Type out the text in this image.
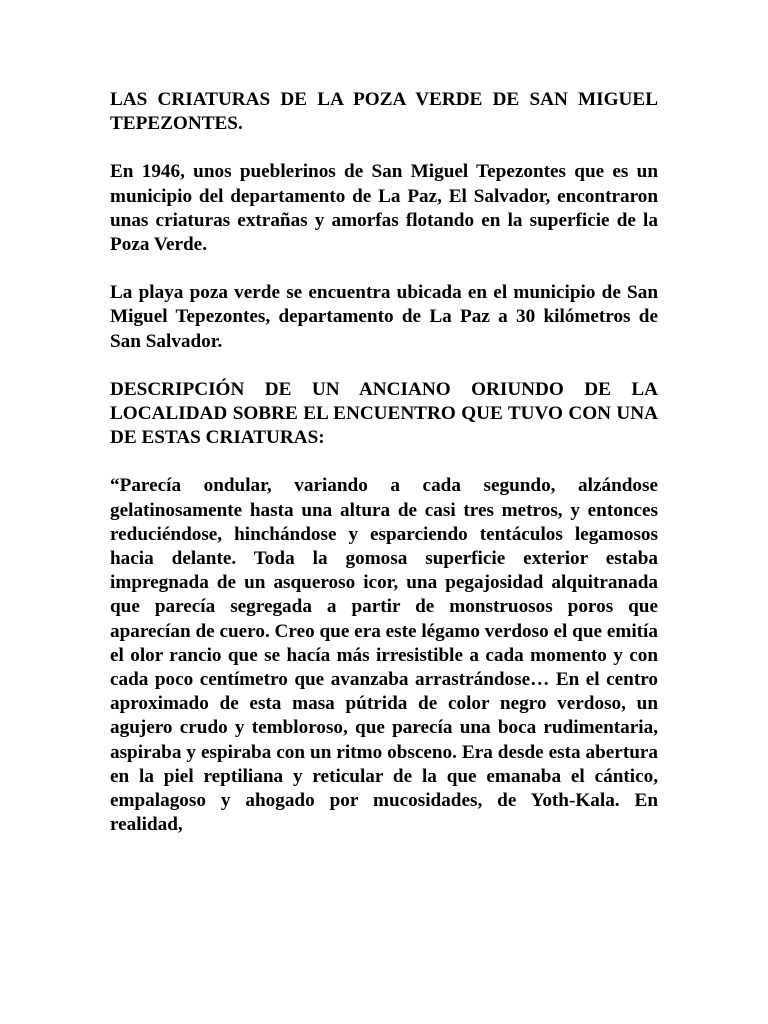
LAS CRIATURAS DE LA POZA VERDE DE SAN MIGUEL TEPEZONTES.

En 1946, unos pueblerinos de San Miguel Tepezontes que es un municipio del departamento de La Paz, El Salvador, encontraron unas criaturas extrañas y amorfas flotando en la superficie de la Poza Verde.

La playa poza verde se encuentra ubicada en el municipio de San Miguel Tepezontes, departamento de La Paz a 30 kilómetros de San Salvador.

DESCRIPCIÓN DE UN ANCIANO ORIUNDO DE LA LOCALIDAD SOBRE EL ENCUENTRO QUE TUVO CON UNA DE ESTAS CRIATURAS:

“Parecía ondular, variando a cada segundo, alzándose gelatinosamente hasta una altura de casi tres metros, y entonces reduciéndose, hinchándose y esparciendo tentáculos legamosos hacia delante. Toda la gomosa superficie exterior estaba impregnada de un asqueroso icor, una pegajosidad alquitranada que parecía segregada a partir de monstruosos poros que aparecían de cuero. Creo que era este légamo verdoso el que emitía el olor rancio que se hacía más irresistible a cada momento y con cada poco centímetro que avanzaba arrastrándose… En el centro aproximado de esta masa pútrida de color negro verdoso, un agujero crudo y tembloroso, que parecía una boca rudimentaria, aspiraba y espiraba con un ritmo obsceno. Era desde esta abertura en la piel reptiliana y reticular de la que emanaba el cántico, empalagoso y ahogado por mucosidades, de Yoth-Kala. En realidad,
